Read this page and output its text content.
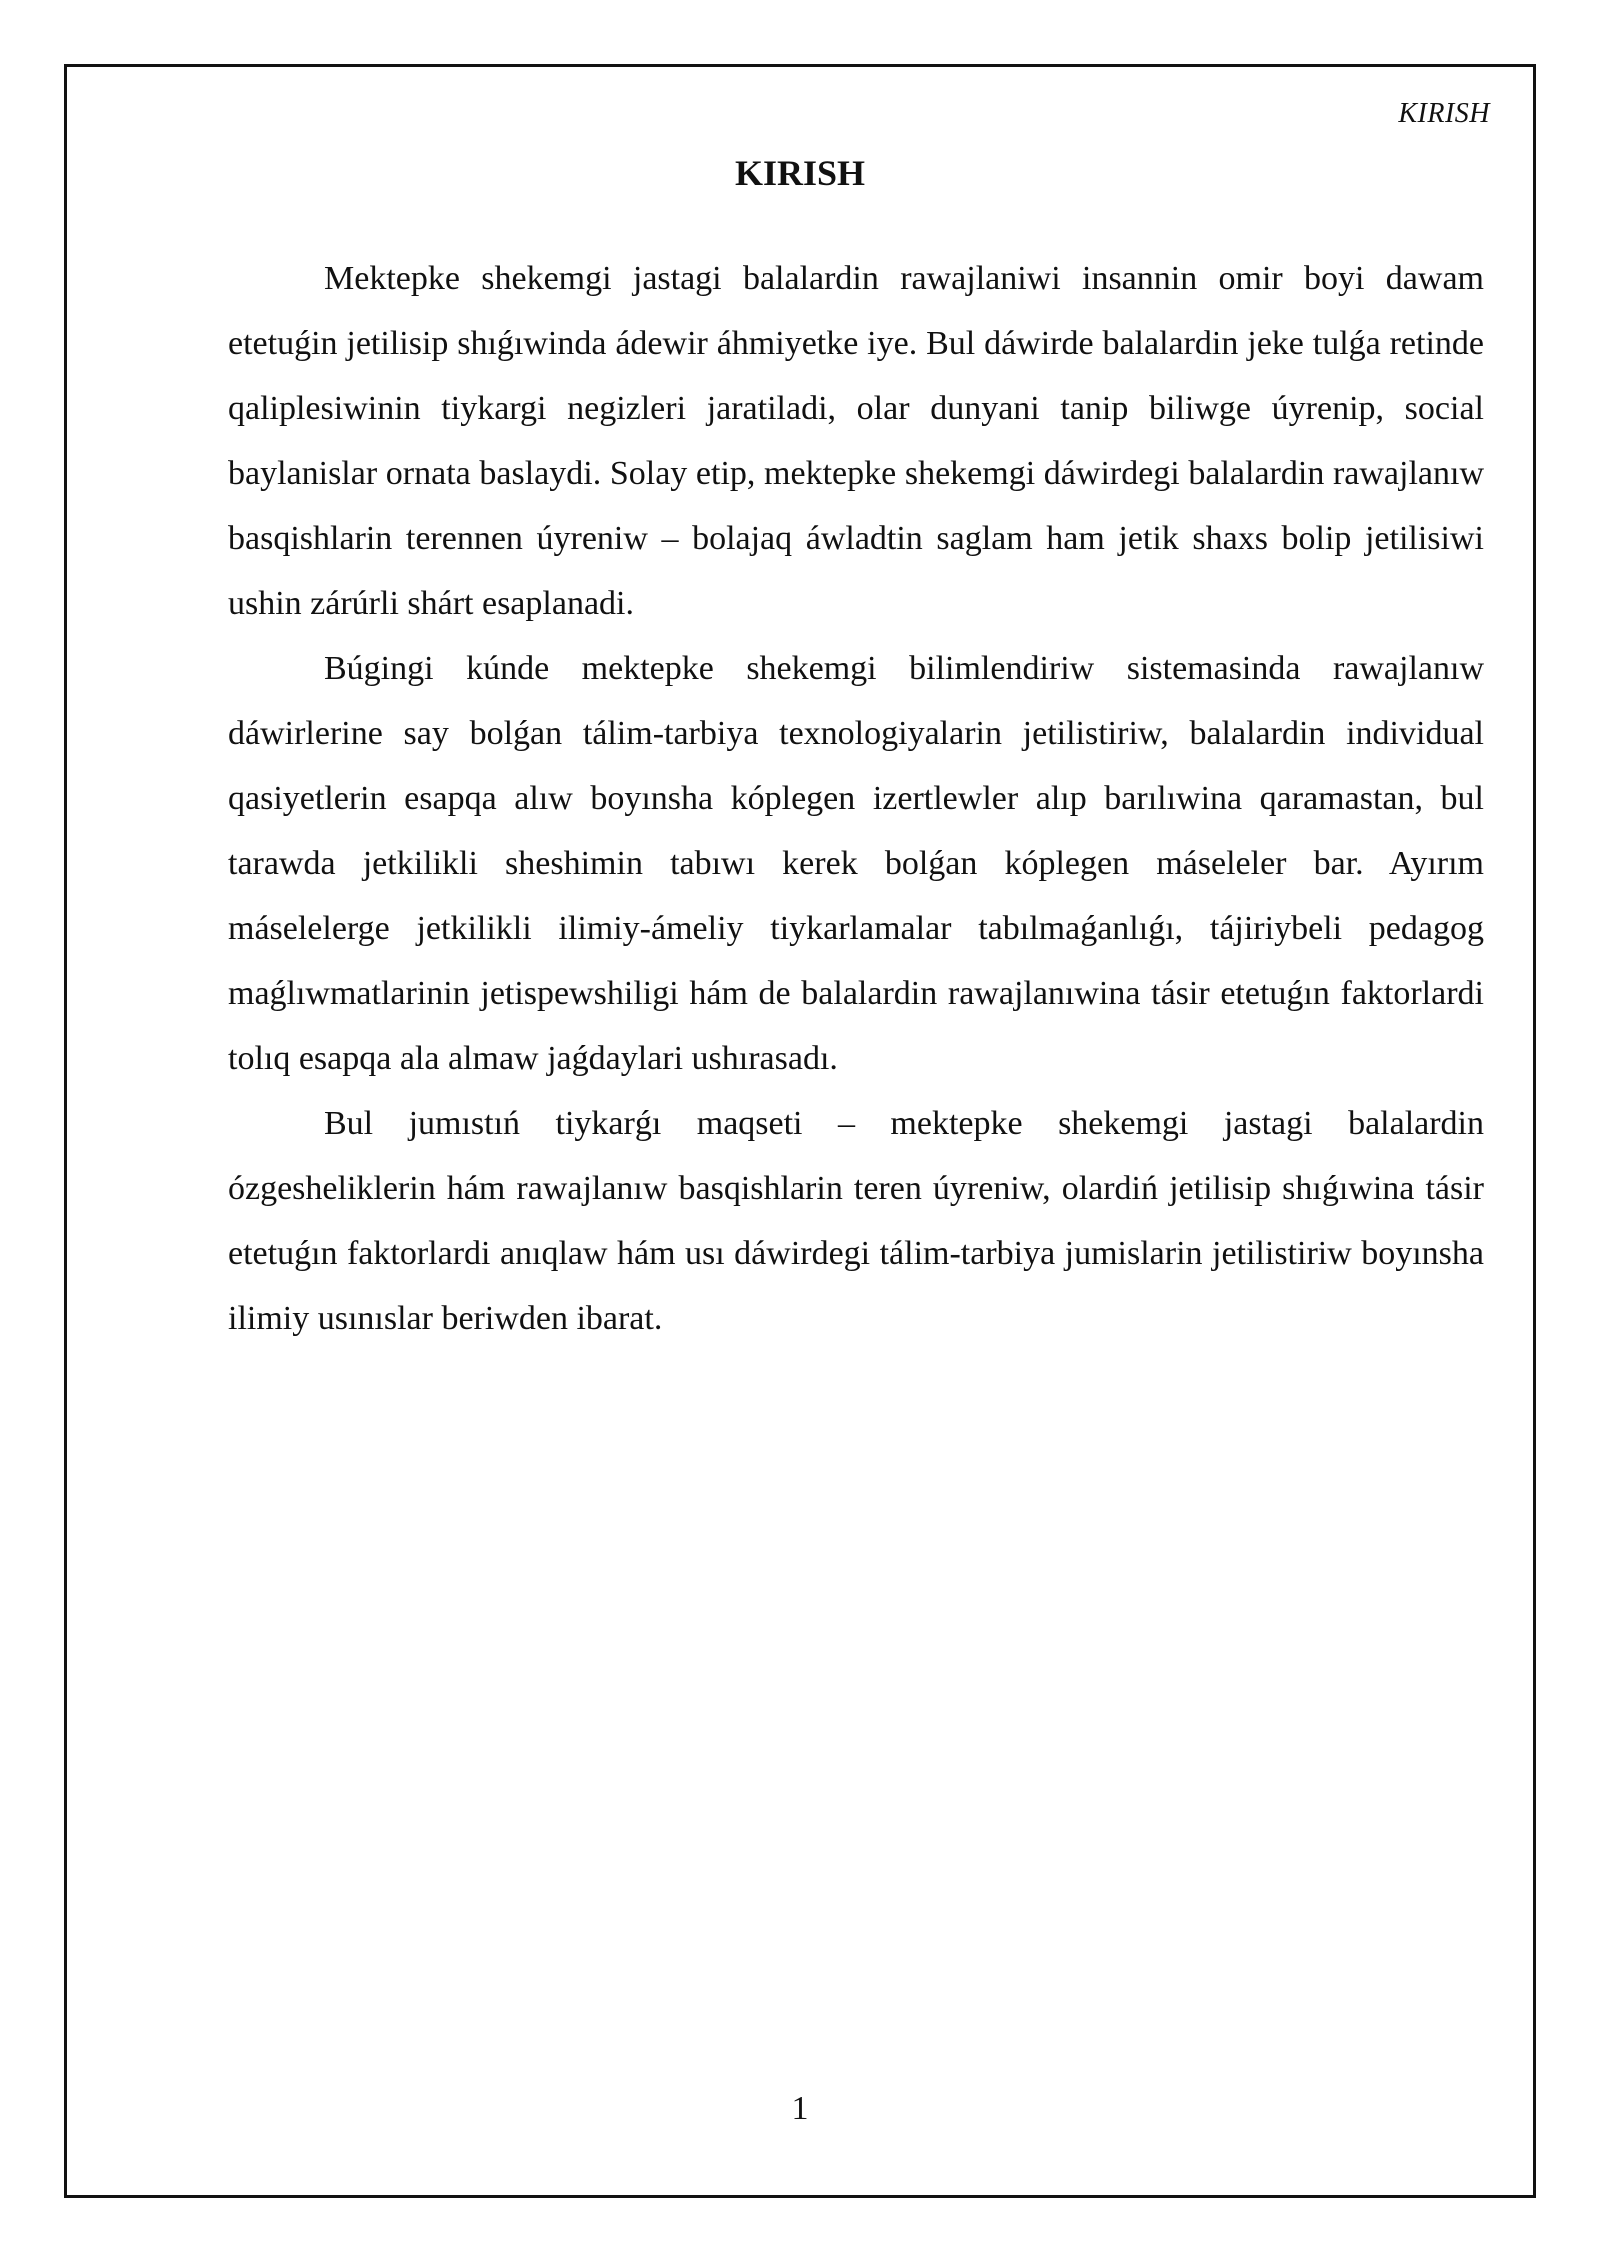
KIRISH
KIRISH

Mektepke shekemgi jastagi balalardin rawajlaniwi insannin omir boyi dawam etetuǵin jetilisip shıǵıwinda ádewir áhmiyetke iye. Bul dáwirde balalardin jeke tulǵa retinde qaliplesiwinin tiykargi negizleri jaratiladi, olar dunyani tanip biliwge úyrenip, social baylanislar ornata baslaydi. Solay etip, mektepke shekemgi dáwirdegi balalardin rawajlanıw basqishlarin terennen úyreniw – bolajaq áwladtin saglam ham jetik shaxs bolip jetilisiwi ushin zárúrli shárt esaplanadi.

Búgingi kúnde mektepke shekemgi bilimlendiriw sistemasinda rawajlanıw dáwirlerine say bolǵan tálim-tarbiya texnologiyalarin jetilistiriw, balalardin individual qasiyetlerin esapqa alıw boyınsha kóplegen izertlewler alıp barılıwina qaramastan, bul tarawda jetkilikli sheshimin tabıwı kerek bolǵan kóplegen máseleler bar. Ayırım máselelerge jetkilikli ilimiy-ámeliy tiykarlamalar tabılmaǵanlıǵı, tájiriybeli pedagog maǵlıwmatlarinin jetispewshiligi hám de balalardin rawajlanıwina tásir etetuǵın faktorlardi tolıq esapqa ala almaw jaǵdaylari ushırasadı.

Bul jumıstıń tiykarǵı maqseti – mektepke shekemgi jastagi balalardin ózgesheliklerin hám rawajlanıw basqishlarin teren úyreniw, olardiń jetilisip shıǵıwina tásir etetuǵın faktorlardi anıqlaw hám usı dáwirdegi tálim-tarbiya jumislarin jetilistiriw boyınsha ilimiy usınıslar beriwden ibarat.

1
